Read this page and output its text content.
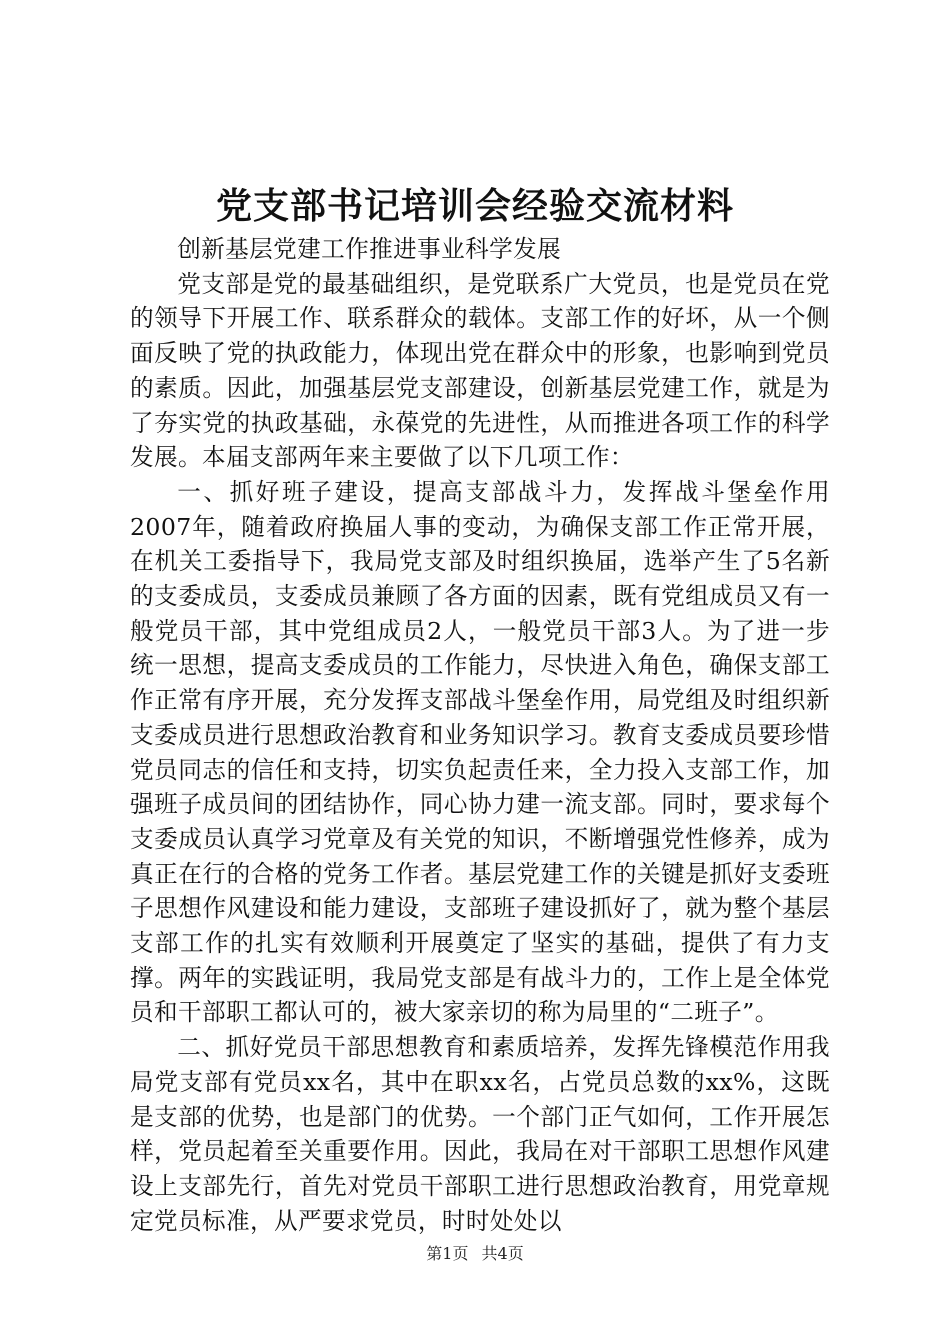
党支部书记培训会经验交流材料

创新基层党建工作推进事业科学发展

党支部是党的最基础组织，是党联系广大党员，也是党员在党的领导下开展工作、联系群众的载体。支部工作的好坏，从一个侧面反映了党的执政能力，体现出党在群众中的形象，也影响到党员的素质。因此，加强基层党支部建设，创新基层党建工作，就是为了夯实党的执政基础，永葆党的先进性，从而推进各项工作的科学发展。本届支部两年来主要做了以下几项工作：

一、抓好班子建设，提高支部战斗力，发挥战斗堡垒作用2007年，随着政府换届人事的变动，为确保支部工作正常开展，在机关工委指导下，我局党支部及时组织换届，选举产生了5名新的支委成员，支委成员兼顾了各方面的因素，既有党组成员又有一般党员干部，其中党组成员2人，一般党员干部3人。为了进一步统一思想，提高支委成员的工作能力，尽快进入角色，确保支部工作正常有序开展，充分发挥支部战斗堡垒作用，局党组及时组织新支委成员进行思想政治教育和业务知识学习。教育支委成员要珍惜党员同志的信任和支持，切实负起责任来，全力投入支部工作，加强班子成员间的团结协作，同心协力建一流支部。同时，要求每个支委成员认真学习党章及有关党的知识，不断增强党性修养，成为真正在行的合格的党务工作者。基层党建工作的关键是抓好支委班子思想作风建设和能力建设，支部班子建设抓好了，就为整个基层支部工作的扎实有效顺利开展奠定了坚实的基础，提供了有力支撑。两年的实践证明，我局党支部是有战斗力的，工作上是全体党员和干部职工都认可的，被大家亲切的称为局里的“二班子”。

二、抓好党员干部思想教育和素质培养，发挥先锋模范作用我局党支部有党员xx名，其中在职xx名，占党员总数的xx%，这既是支部的优势，也是部门的优势。一个部门正气如何，工作开展怎样，党员起着至关重要作用。因此，我局在对干部职工思想作风建设上支部先行，首先对党员干部职工进行思想政治教育，用党章规定党员标准，从严要求党员，时时处处以

第1页 共4页
